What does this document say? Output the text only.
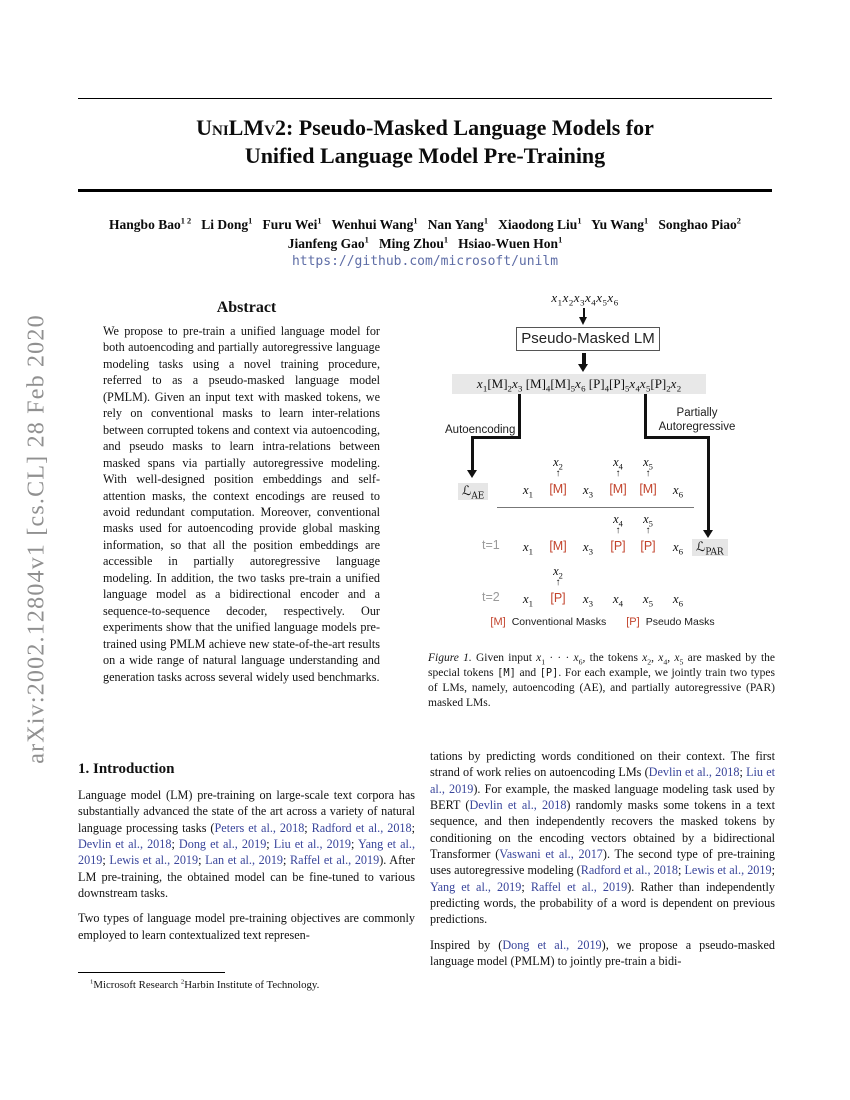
arXiv:2002.12804v1 [cs.CL] 28 Feb 2020
UniLMv2: Pseudo-Masked Language Models for
Unified Language Model Pre-Training
Hangbo Bao$^{1 2}$   Li Dong$^1$   Furu Wei$^1$   Wenhui Wang$^1$   Nan Yang$^1$   Xiaodong Liu$^1$   Yu Wang$^1$   Songhao Piao$^2$
Jianfeng Gao$^1$   Ming Zhou$^1$   Hsiao-Wuen Hon$^1$
https://github.com/microsoft/unilm
Abstract
We propose to pre-train a unified language model for both autoencoding and partially autoregressive language modeling tasks using a novel training procedure, referred to as a pseudo-masked language model (PMLM). Given an input text with masked tokens, we rely on conventional masks to learn inter-relations between corrupted tokens and context via autoencoding, and pseudo masks to learn intra-relations between masked spans via partially autoregressive modeling. With well-designed position embeddings and self-attention masks, the context encodings are reused to avoid redundant computation. Moreover, conventional masks used for autoencoding provide global masking information, so that all the position embeddings are accessible in partially autoregressive language modeling. In addition, the two tasks pre-train a unified language model as a bidirectional encoder and a sequence-to-sequence decoder, respectively. Our experiments show that the unified language models pre-trained using PMLM achieve new state-of-the-art results on a wide range of natural language understanding and generation tasks across several widely used benchmarks.
1. Introduction
Language model (LM) pre-training on large-scale text corpora has substantially advanced the state of the art across a variety of natural language processing tasks (Peters et al., 2018; Radford et al., 2018; Devlin et al., 2018; Dong et al., 2019; Liu et al., 2019; Yang et al., 2019; Lewis et al., 2019; Lan et al., 2019; Raffel et al., 2019). After LM pre-training, the obtained model can be fine-tuned to various downstream tasks.
Two types of language model pre-training objectives are commonly employed to learn contextualized text represen-
$^1$Microsoft Research $^2$Harbin Institute of Technology.
$x_1x_2x_3x_4x_5x_6$
Pseudo-Masked LM
$x_1[M]_2x_3$ $[M]_4[M]_5x_6$ $[P]_4[P]_5x_4x_5[P]_2x_2$
Autoencoding
ℒ$_{AE}$
Partially
Autoregressive
ℒ$_{PAR}$
$x_1$
$x_2$
↑
[M] $x_3$
$x_4$
↑
[M]
$x_5$
↑
[M] $x_6$
t=1	$x_1$ [M] $x_3$
$x_4$
↑
[P]
$x_5$
↑
[P] $x_6$
t=2	$x_1$
$x_2$
↑
[P] $x_3$ $x_4$ $x_5$ $x_6$
[M] Conventional Masks [P] Pseudo Masks
Figure 1. Given input $x_1$ · · · $x_6$, the tokens $x_2$, $x_4$, $x_5$ are masked by the special tokens [M] and [P]. For each example, we jointly train two types of LMs, namely, autoencoding (AE), and partially autoregressive (PAR) masked LMs.
tations by predicting words conditioned on their context. The first strand of work relies on autoencoding LMs (Devlin et al., 2018; Liu et al., 2019). For example, the masked language modeling task used by BERT (Devlin et al., 2018) randomly masks some tokens in a text sequence, and then independently recovers the masked tokens by conditioning on the encoding vectors obtained by a bidirectional Transformer (Vaswani et al., 2017). The second type of pre-training uses autoregressive modeling (Radford et al., 2018; Lewis et al., 2019; Yang et al., 2019; Raffel et al., 2019). Rather than independently predicting words, the probability of a word is dependent on previous predictions.
Inspired by (Dong et al., 2019), we propose a pseudo-masked language model (PMLM) to jointly pre-train a bidi-
